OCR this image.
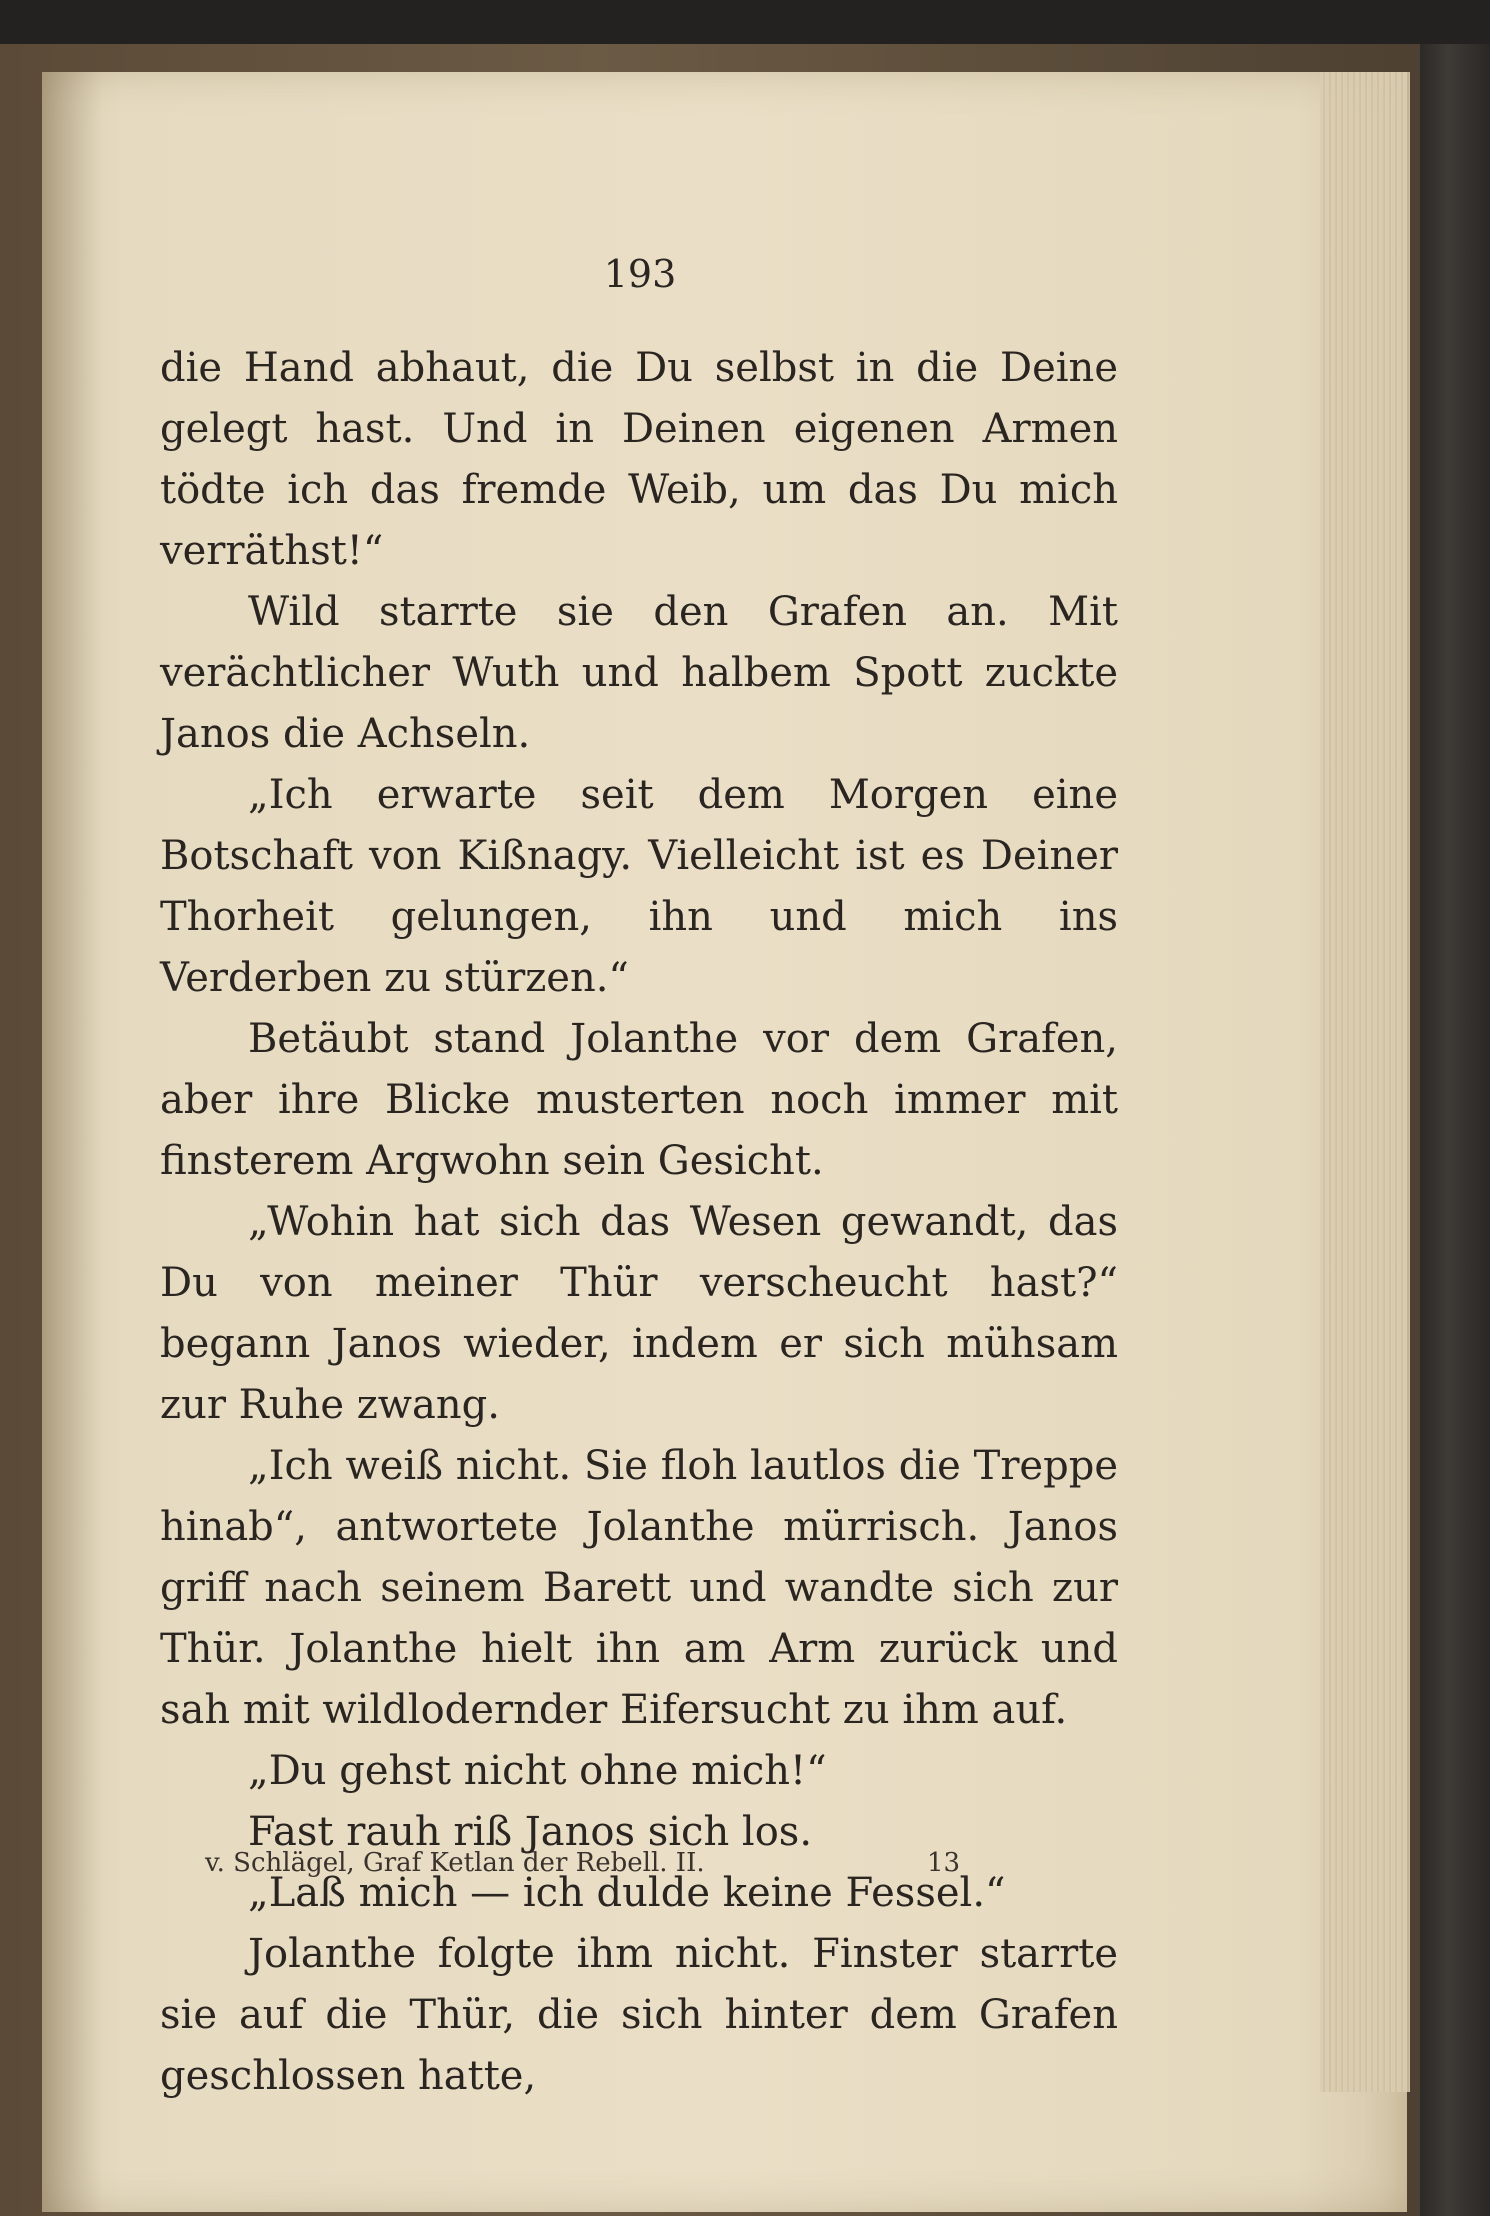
193

die Hand abhaut, die Du selbst in die Deine gelegt hast. Und in Deinen eigenen Armen tödte ich das fremde Weib, um das Du mich verräthst!“

Wild starrte sie den Grafen an. Mit verächtlicher Wuth und halbem Spott zuckte Janos die Achseln.

„Ich erwarte seit dem Morgen eine Botschaft von Kißnagy. Vielleicht ist es Deiner Thorheit gelungen, ihn und mich ins Verderben zu stürzen.“

Betäubt stand Jolanthe vor dem Grafen, aber ihre Blicke musterten noch immer mit finsterem Argwohn sein Gesicht.

„Wohin hat sich das Wesen gewandt, das Du von meiner Thür verscheucht hast?“ begann Janos wieder, indem er sich mühsam zur Ruhe zwang.

„Ich weiß nicht. Sie floh lautlos die Treppe hinab“, antwortete Jolanthe mürrisch. Janos griff nach seinem Barett und wandte sich zur Thür. Jolanthe hielt ihn am Arm zurück und sah mit wildlodernder Eifersucht zu ihm auf.

„Du gehst nicht ohne mich!“

Fast rauh riß Janos sich los.

„Laß mich — ich dulde keine Fessel.“

Jolanthe folgte ihm nicht. Finster starrte sie auf die Thür, die sich hinter dem Grafen geschlossen hatte,

v. Schlägel, Graf Ketlan der Rebell. II.	13
